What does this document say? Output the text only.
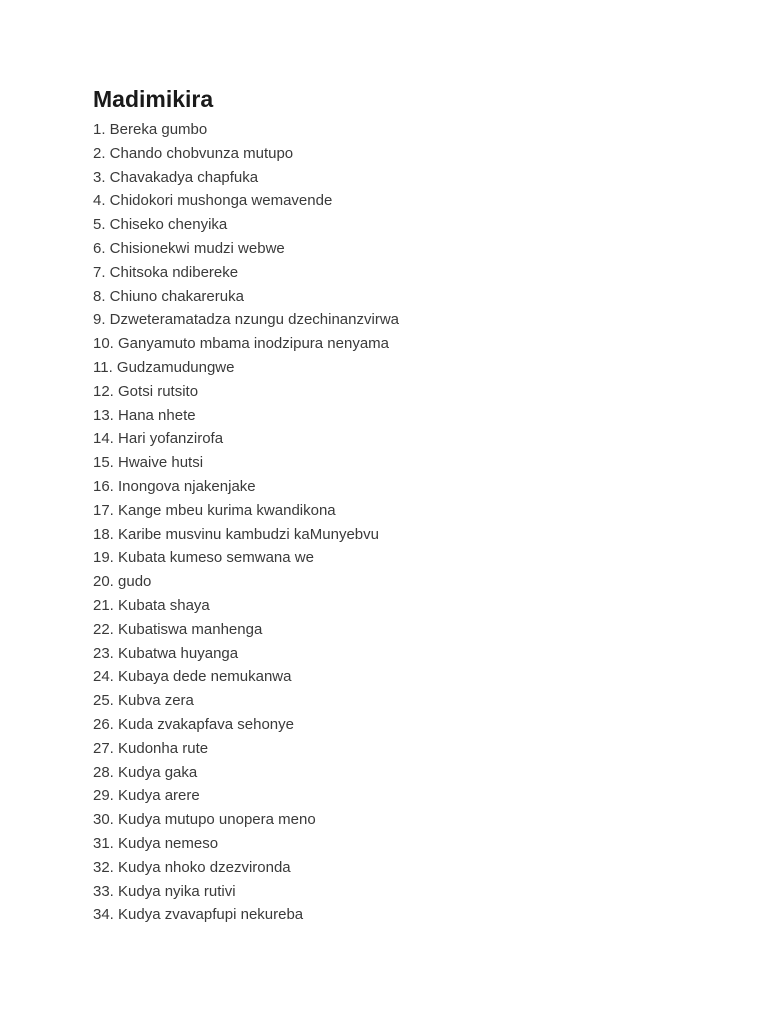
Madimikira
1. Bereka gumbo
2. Chando chobvunza mutupo
3. Chavakadya chapfuka
4. Chidokori mushonga wemavende
5. Chiseko chenyika
6. Chisionekwi mudzi webwe
7. Chitsoka ndibereke
8. Chiuno chakareruka
9. Dzweteramatadza nzungu dzechinanzvirwa
10. Ganyamuto mbama inodzipura nenyama
11. Gudzamudungwe
12. Gotsi rutsito
13. Hana nhete
14. Hari yofanzirofa
15. Hwaive hutsi
16. Inongova njakenjake
17. Kange mbeu kurima kwandikona
18. Karibe musvinu kambudzi kaMunyebvu
19. Kubata kumeso semwana we
20. gudo
21. Kubata shaya
22. Kubatiswa manhenga
23. Kubatwa huyanga
24. Kubaya dede nemukanwa
25. Kubva zera
26. Kuda zvakapfava sehonye
27. Kudonha rute
28. Kudya gaka
29. Kudya arere
30. Kudya mutupo unopera meno
31. Kudya nemeso
32. Kudya nhoko dzezvironda
33. Kudya nyika rutivi
34. Kudya zvavapfupi nekureba
